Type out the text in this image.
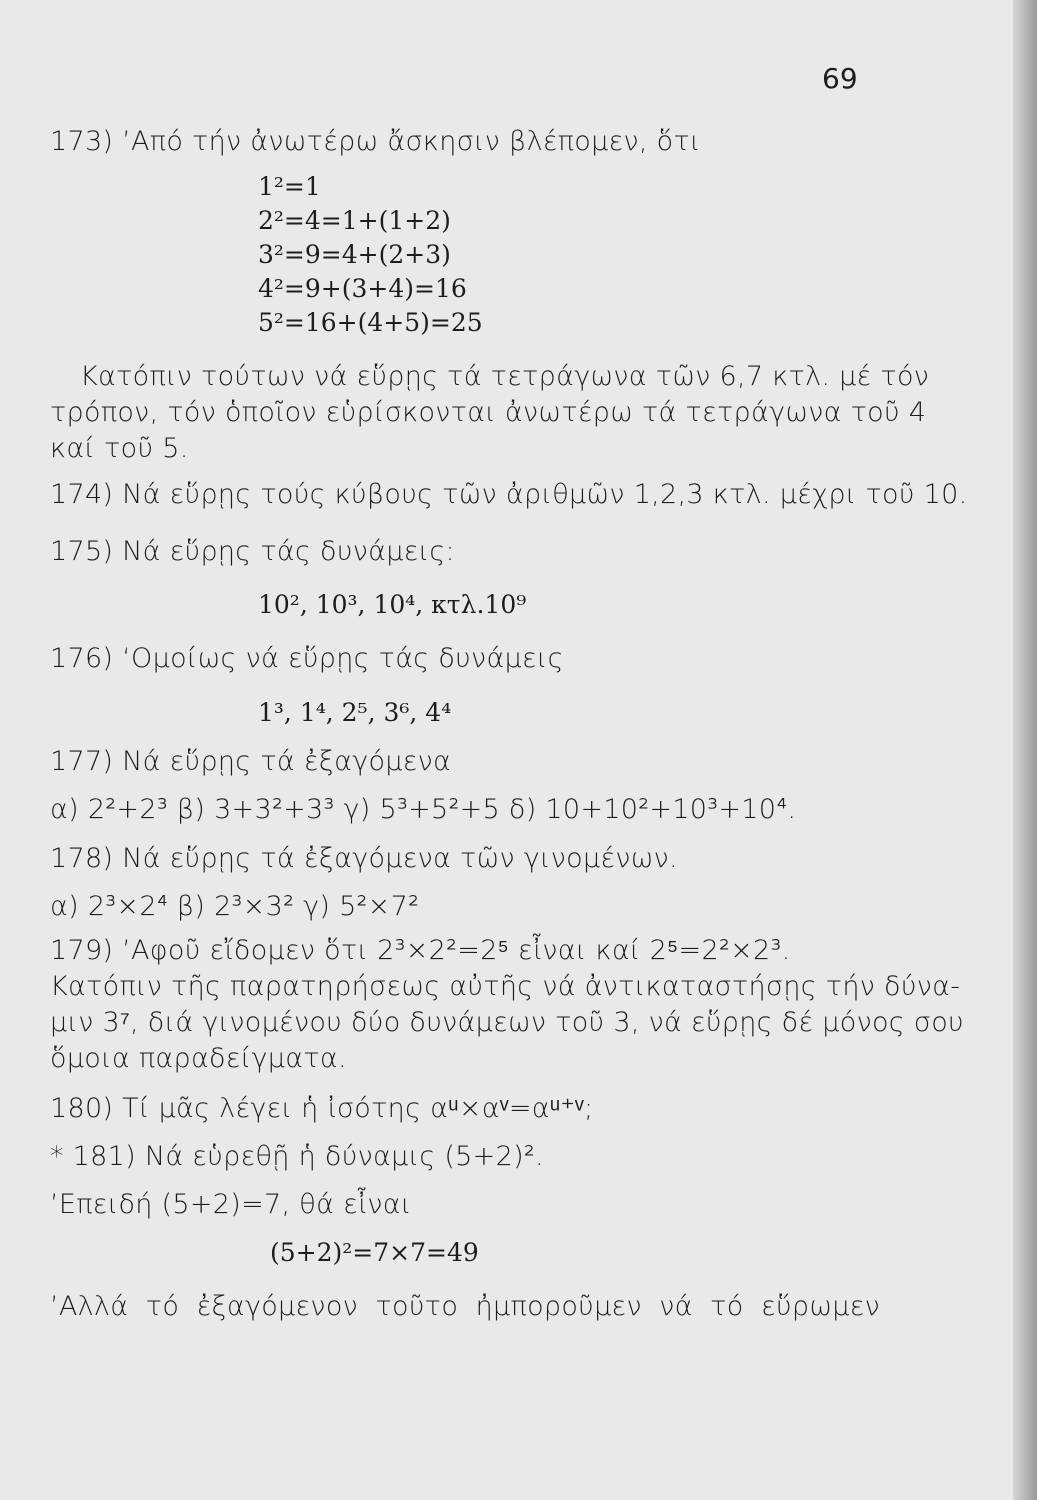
69
173) ’Από τήν ἀνωτέρω ἄσκησιν βλέπομεν, ὅτι
1²=1
2²=4=1+(1+2)
3²=9=4+(2+3)
4²=9+(3+4)=16
5²=16+(4+5)=25
Κατόπιν τούτων νά εὕρῃς τά τετράγωνα τῶν 6,7 κτλ. μέ τόν
τρόπον, τόν ὁποῖον εὑρίσκονται ἀνωτέρω τά τετράγωνα τοῦ 4
καί τοῦ 5.
174) Νά εὕρῃς τούς κύβους τῶν ἀριθμῶν 1,2,3 κτλ. μέχρι τοῦ 10.
175) Νά εὕρῃς τάς δυνάμεις:
10², 10³, 10⁴, κτλ.10⁹
176) ‘Ομοίως νά εὕρῃς τάς δυνάμεις
1³, 1⁴, 2⁵, 3⁶, 4⁴
177) Νά εὕρῃς τά ἐξαγόμενα
α) 2²+2³ β) 3+3²+3³ γ) 5³+5²+5 δ) 10+10²+10³+10⁴.
178) Νά εὕρῃς τά ἐξαγόμενα τῶν γινομένων.
α) 2³×2⁴ β) 2³×3² γ) 5²×7²
179) ’Αφοῦ εἴδομεν ὅτι 2³×2²=2⁵ εἶναι καί 2⁵=2²×2³.
Κατόπιν τῆς παρατηρήσεως αὐτῆς νά ἀντικαταστήσῃς τήν δύνα-
μιν 3⁷, διά γινομένου δύο δυνάμεων τοῦ 3, νά εὕρῃς δέ μόνος σου
ὅμοια παραδείγματα.
180) Τί μᾶς λέγει ἡ ἰσότης αᵘ×αᵛ=αᵘ⁺ᵛ;
* 181) Νά εὑρεθῇ ἡ δύναμις (5+2)².
’Επειδή (5+2)=7, θά εἶναι
(5+2)²=7×7=49
’Αλλά τό ἐξαγόμενον τοῦτο ἠμποροῦμεν νά τό εὕρωμεν
